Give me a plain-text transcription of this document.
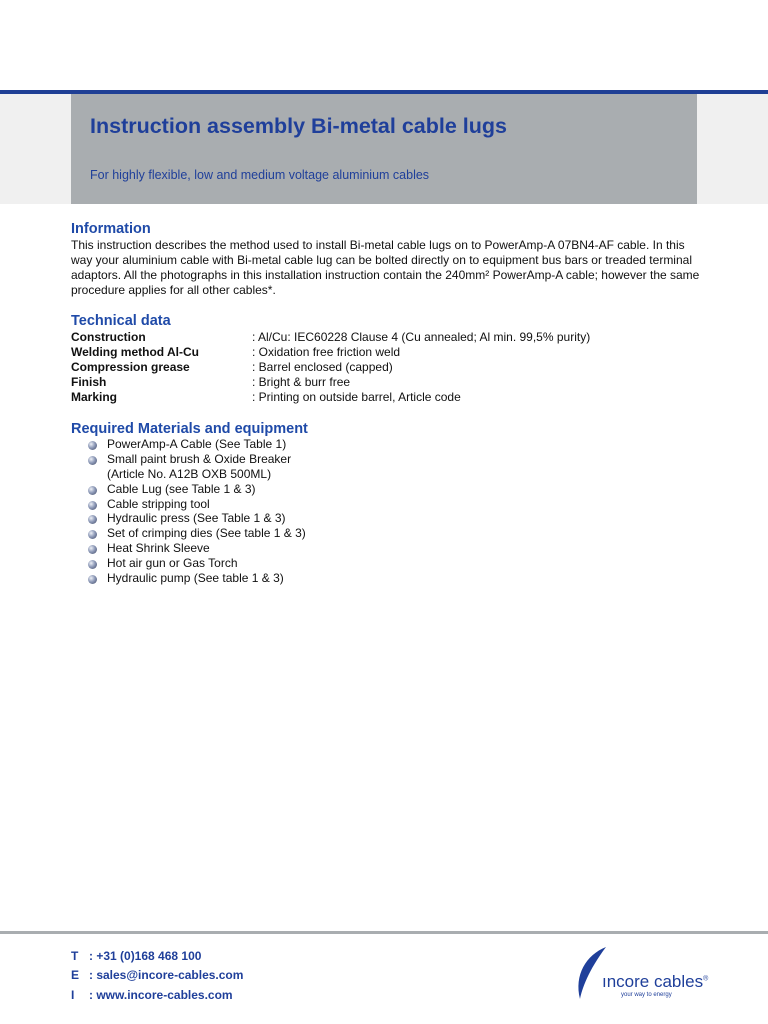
Instruction assembly Bi-metal cable lugs
For highly flexible, low and medium voltage aluminium cables
Information

This instruction describes the method used to install Bi-metal cable lugs on to PowerAmp-A 07BN4-AF cable. In this way your aluminium cable with Bi-metal cable lug can be bolted directly on to equipment bus bars or treaded terminal adaptors. All the photographs in this installation instruction contain the 240mm² PowerAmp-A cable; however the same procedure applies for all other cables*.

Technical data
Construction	: Al/Cu: IEC60228 Clause 4 (Cu annealed; Al min. 99,5% purity)
Welding method Al-Cu	: Oxidation free friction weld
Compression grease	: Barrel enclosed (capped)
Finish	: Bright & burr free
Marking	: Printing on outside barrel, Article code
Required Materials and equipment
PowerAmp-A Cable (See Table 1)
Small paint brush & Oxide Breaker
(Article No. A12B OXB 500ML)
Cable Lug (see Table 1 & 3)
Cable stripping tool
Hydraulic press (See Table 1 & 3)
Set of crimping dies (See table 1 & 3)
Heat Shrink Sleeve
Hot air gun or Gas Torch
Hydraulic pump (See table 1 & 3)
T : +31 (0)168 468 100
E : sales@incore-cables.com
I : www.incore-cables.com
ıncore cables®
your way to energy
